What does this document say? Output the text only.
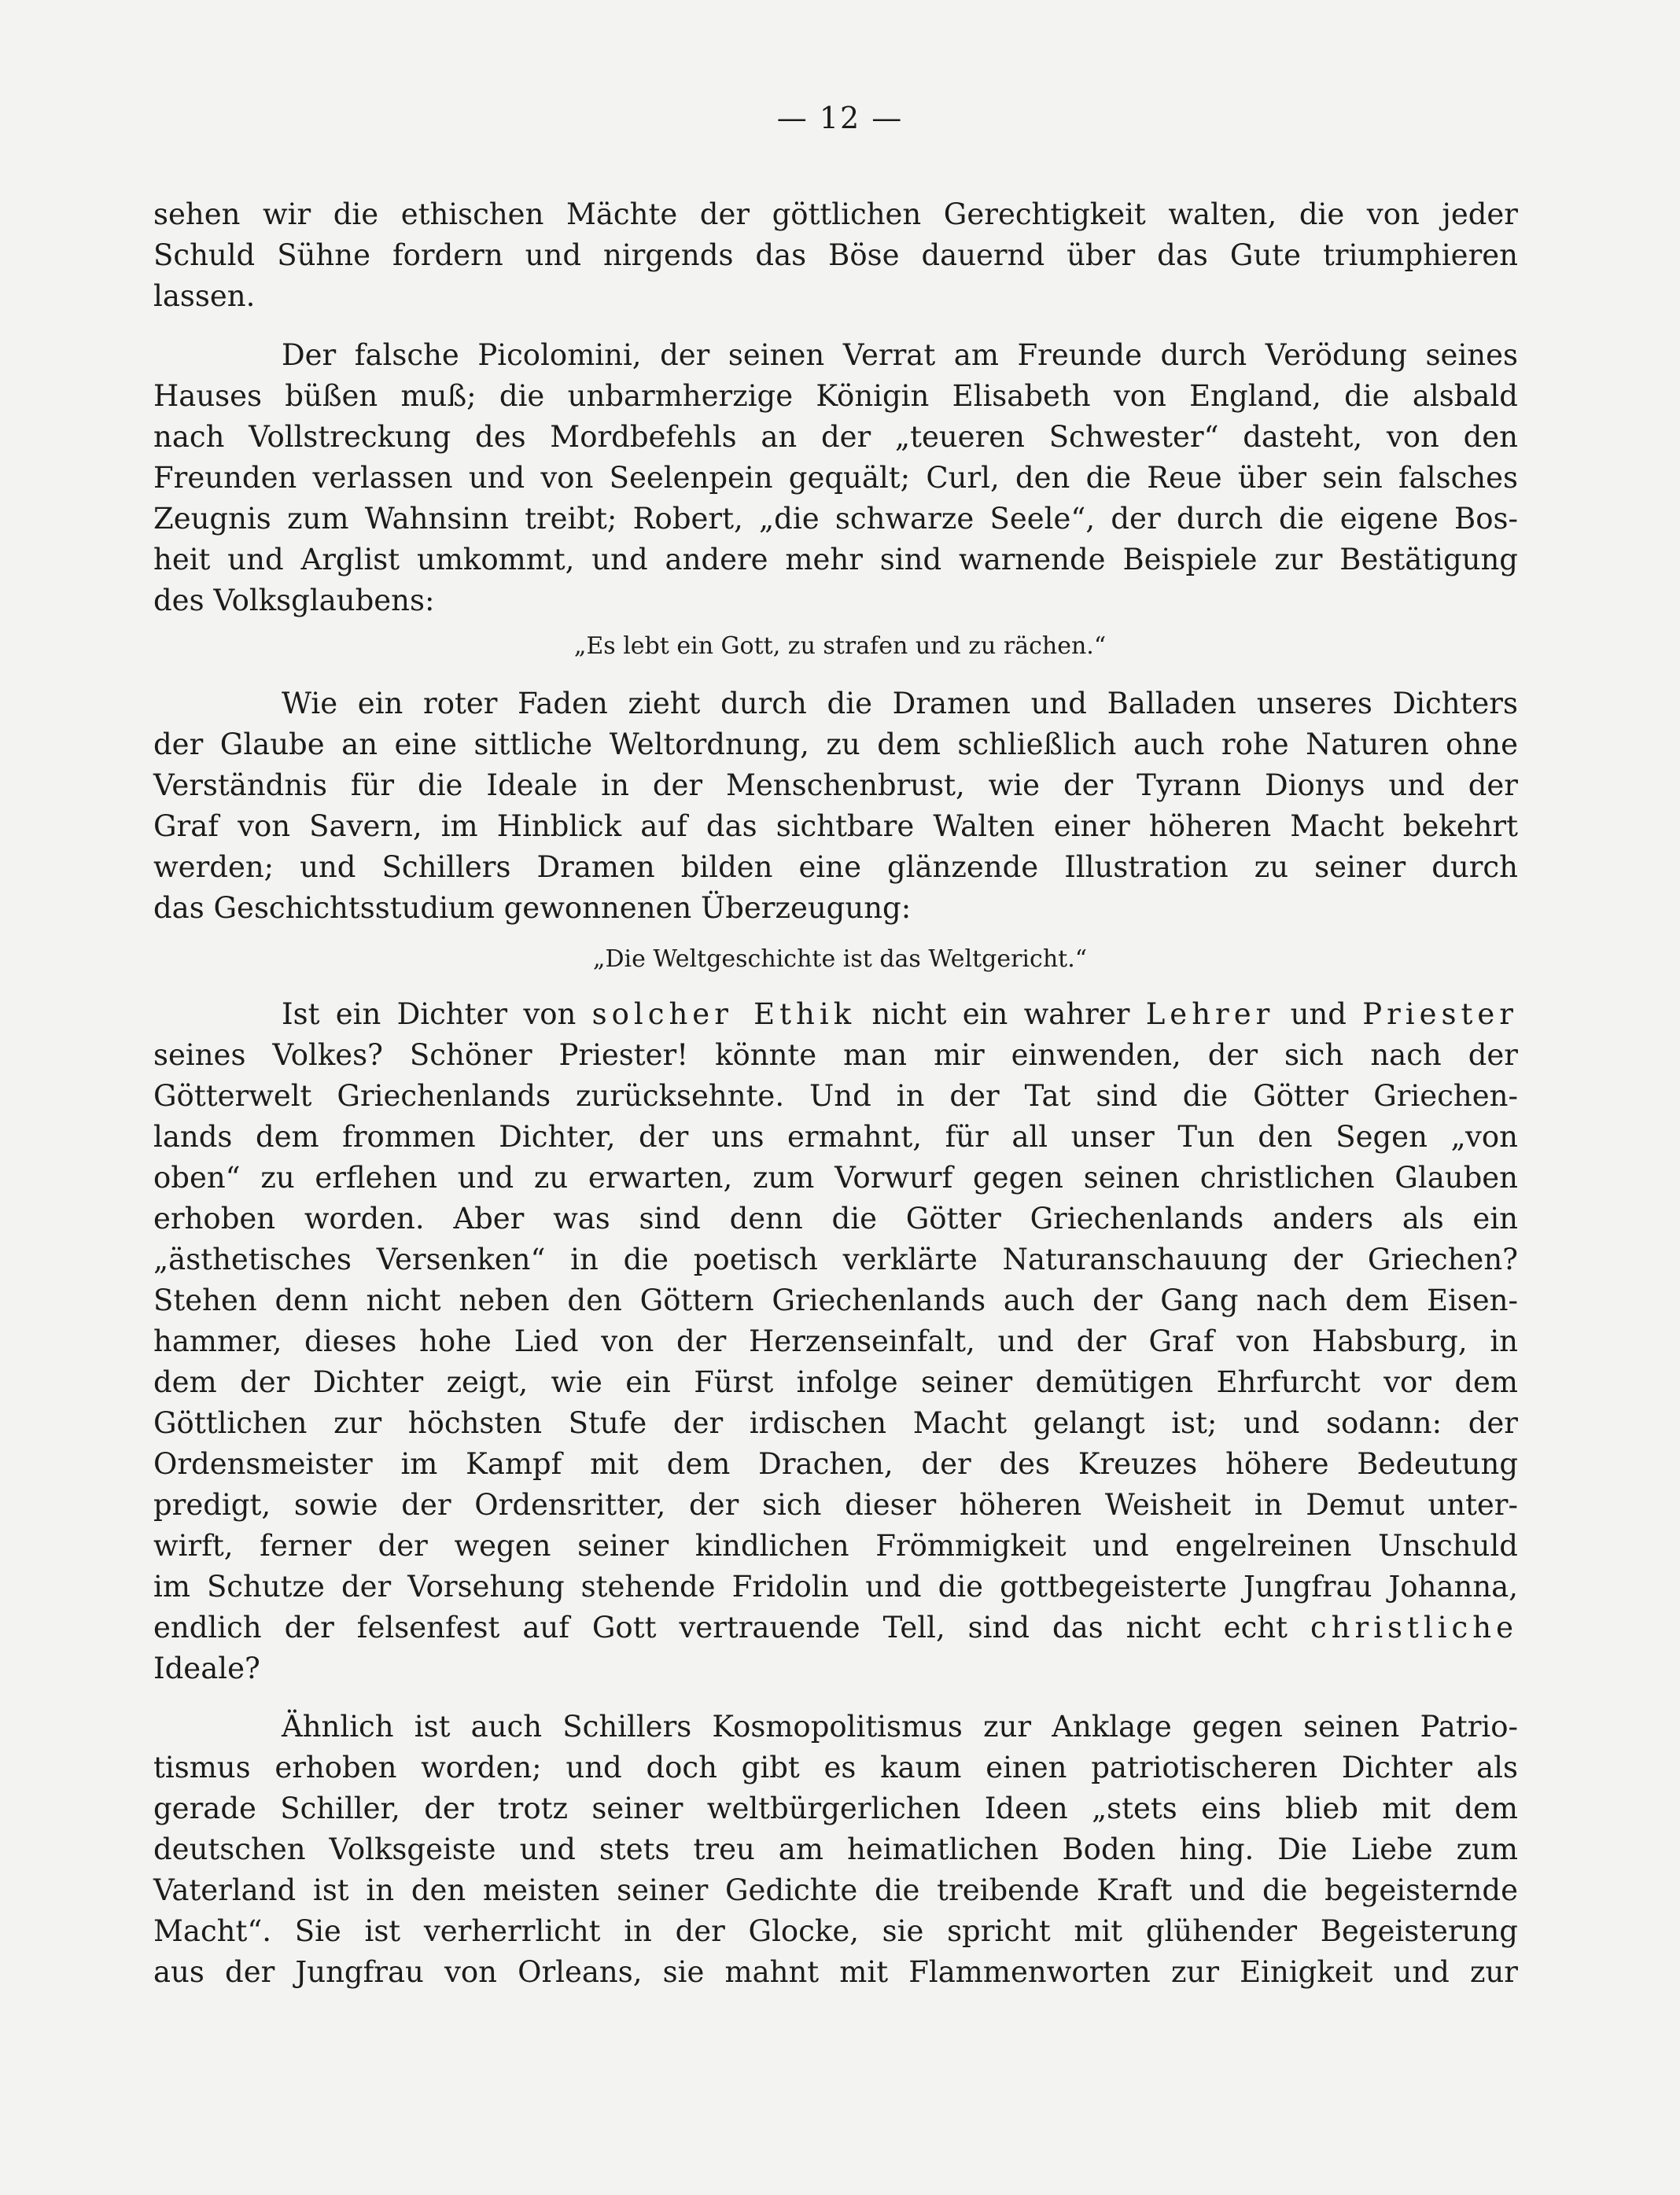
— 12 —
sehen wir die ethischen Mächte der göttlichen Gerechtigkeit walten, die von jeder
Schuld Sühne fordern und nirgends das Böse dauernd über das Gute triumphieren
lassen.
Der falsche Picolomini, der seinen Verrat am Freunde durch Verödung seines
Hauses büßen muß; die unbarmherzige Königin Elisabeth von England, die alsbald
nach Vollstreckung des Mordbefehls an der „teueren Schwester“ dasteht, von den
Freunden verlassen und von Seelenpein gequält; Curl, den die Reue über sein falsches
Zeugnis zum Wahnsinn treibt; Robert, „die schwarze Seele“, der durch die eigene Bos-
heit und Arglist umkommt, und andere mehr sind warnende Beispiele zur Bestätigung
des Volksglaubens:
„Es lebt ein Gott, zu strafen und zu rächen.“
Wie ein roter Faden zieht durch die Dramen und Balladen unseres Dichters
der Glaube an eine sittliche Weltordnung, zu dem schließlich auch rohe Naturen ohne
Verständnis für die Ideale in der Menschenbrust, wie der Tyrann Dionys und der
Graf von Savern, im Hinblick auf das sichtbare Walten einer höheren Macht bekehrt
werden; und Schillers Dramen bilden eine glänzende Illustration zu seiner durch
das Geschichtsstudium gewonnenen Überzeugung:
„Die Weltgeschichte ist das Weltgericht.“
Ist ein Dichter von solcher Ethik nicht ein wahrer Lehrer und Priester
seines Volkes? Schöner Priester! könnte man mir einwenden, der sich nach der
Götterwelt Griechenlands zurücksehnte. Und in der Tat sind die Götter Griechen-
lands dem frommen Dichter, der uns ermahnt, für all unser Tun den Segen „von
oben“ zu erflehen und zu erwarten, zum Vorwurf gegen seinen christlichen Glauben
erhoben worden. Aber was sind denn die Götter Griechenlands anders als ein
„ästhetisches Versenken“ in die poetisch verklärte Naturanschauung der Griechen?
Stehen denn nicht neben den Göttern Griechenlands auch der Gang nach dem Eisen-
hammer, dieses hohe Lied von der Herzenseinfalt, und der Graf von Habsburg, in
dem der Dichter zeigt, wie ein Fürst infolge seiner demütigen Ehrfurcht vor dem
Göttlichen zur höchsten Stufe der irdischen Macht gelangt ist; und sodann: der
Ordensmeister im Kampf mit dem Drachen, der des Kreuzes höhere Bedeutung
predigt, sowie der Ordensritter, der sich dieser höheren Weisheit in Demut unter-
wirft, ferner der wegen seiner kindlichen Frömmigkeit und engelreinen Unschuld
im Schutze der Vorsehung stehende Fridolin und die gottbegeisterte Jungfrau Johanna,
endlich der felsenfest auf Gott vertrauende Tell, sind das nicht echt christliche
Ideale?
Ähnlich ist auch Schillers Kosmopolitismus zur Anklage gegen seinen Patrio-
tismus erhoben worden; und doch gibt es kaum einen patriotischeren Dichter als
gerade Schiller, der trotz seiner weltbürgerlichen Ideen „stets eins blieb mit dem
deutschen Volksgeiste und stets treu am heimatlichen Boden hing. Die Liebe zum
Vaterland ist in den meisten seiner Gedichte die treibende Kraft und die begeisternde
Macht“. Sie ist verherrlicht in der Glocke, sie spricht mit glühender Begeisterung
aus der Jungfrau von Orleans, sie mahnt mit Flammenworten zur Einigkeit und zur
